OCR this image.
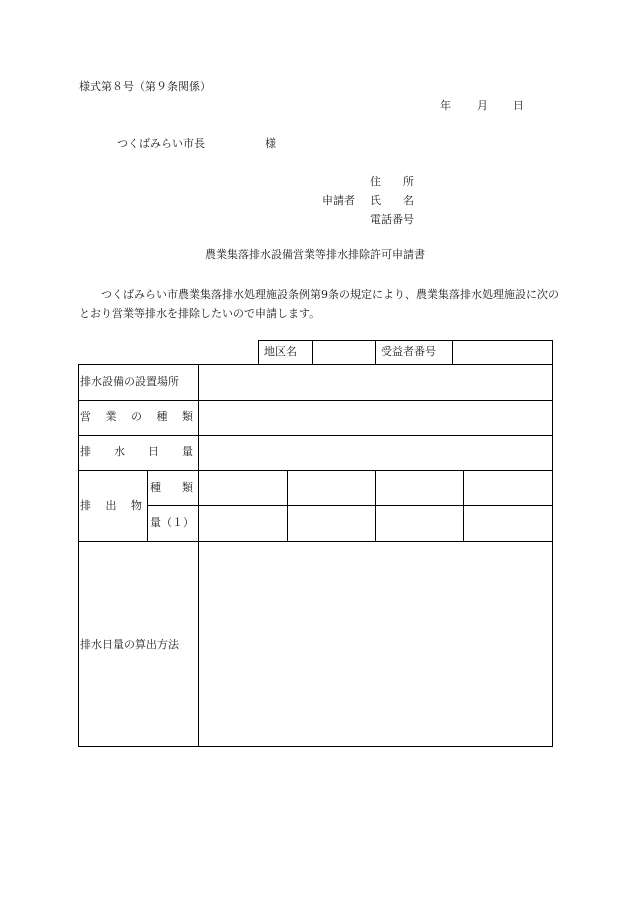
様式第８号（第９条関係）
年 月 日
つくばみらい市長	様
住　　所
申請者 氏　　名
電話番号
農業集落排水設備営業等排水排除許可申請書
つくばみらい市農業集落排水処理施設条例第9条の規定により、農業集落排水処理施設に次のとおり営業等排水を排除したいので申請します。
地区名	受益者番号
排水設備の設置場所
営 業 の 種 類
排 水 日 量
排 出 物
種 類
量（１）
排水日量の算出方法
